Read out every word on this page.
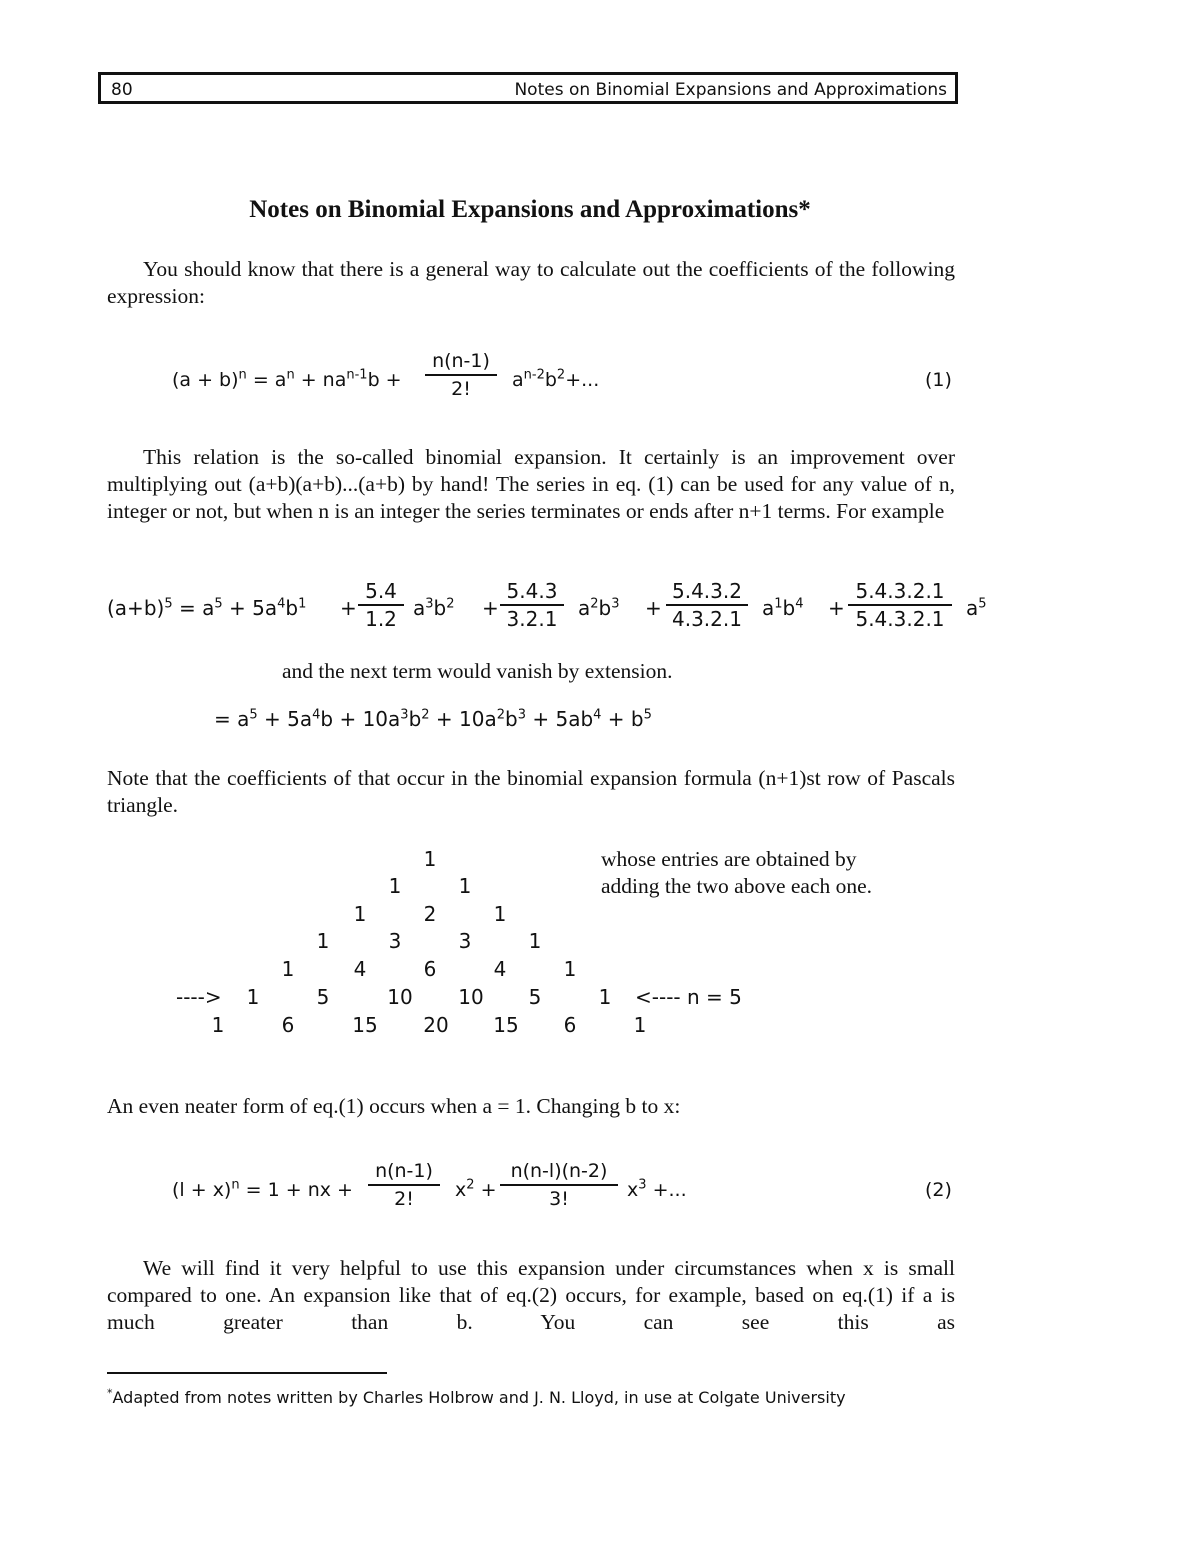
80	Notes on Binomial Expansions and Approximations
Notes on Binomial Expansions and Approximations*
You should know that there is a general way to calculate out the coefficients of the following expression:
$(a + b)^n = a^n + na^{n-1}b$ +
n(n-1)
2!	$a^{n-2}b^2+$...	(1)
This relation is the so-called binomial expansion. It certainly is an improvement over multiplying out (a+b)(a+b)...(a+b) by hand! The series in eq. (1) can be used for any value of n, integer or not, but when n is an integer the series terminates or ends after n+1 terms. For example
$(a+b)^5 = a^5 + 5a^4b^1$ +
5.4
1.2 $a^3b^2$ +
5.4.3
3.2.1	$a^2b^3$ +
5.4.3.2
4.3.2.1	$a^1b^4$ +
5.4.3.2.1
5.4.3.2.1	$a^5$
and the next term would vanish by extension.
= $a^5 + 5a^4b + 10a^3b^2 + 10a^2b^3 + 5ab^4 + b^5$
Note that the coefficients of that occur in the binomial expansion formula (n+1)st row of Pascals triangle.
1
1	1
1	2	1
1	3	3	1
1	4	6	4	1
---->	1	5	10	10	5	1	<---- n = 5
1	6	15	20	15	6	1
whose entries are obtained by
adding the two above each one.
An even neater form of eq.(1) occurs when a = 1. Changing b to x:
$(l + x)^n = 1$ + nx +
n(n-1)
2!	$x^2$ +
n(n-l)(n-2)
3!	$x^3$ +...	(2)
We will find it very helpful to use this expansion under circumstances when x is small compared to one. An expansion like that of eq.(2) occurs, for example, based on eq.(1) if a is much greater than b. You can see this as
*Adapted from notes written by Charles Holbrow and J. N. Lloyd, in use at Colgate University
